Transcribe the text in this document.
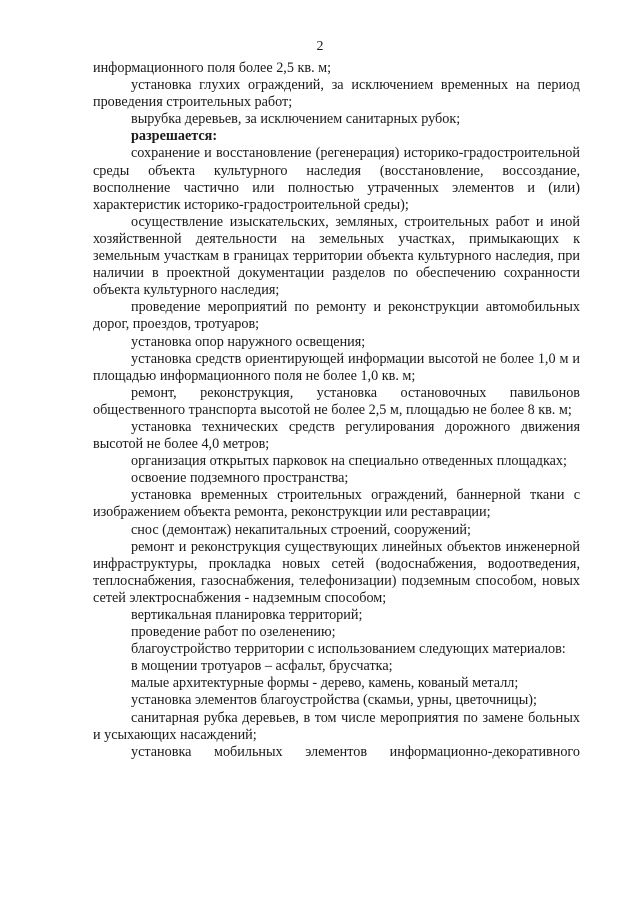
2

информационного поля более 2,5 кв. м;

установка глухих ограждений, за исключением временных на период проведения строительных работ;

вырубка деревьев, за исключением санитарных рубок;

разрешается:

сохранение и восстановление (регенерация) историко-градостроительной среды объекта культурного наследия (восстановление, воссоздание, восполнение частично или полностью утраченных элементов и (или) характеристик историко-градостроительной среды);

осуществление изыскательских, земляных, строительных работ и иной хозяйственной деятельности на земельных участках, примыкающих к земельным участкам в границах территории объекта культурного наследия, при наличии в проектной документации разделов по обеспечению сохранности объекта культурного наследия;

проведение мероприятий по ремонту и реконструкции автомобильных дорог, проездов, тротуаров;

установка опор наружного освещения;

установка средств ориентирующей информации высотой не более 1,0 м и площадью информационного поля не более 1,0 кв. м;

ремонт, реконструкция, установка остановочных павильонов общественного транспорта высотой не более 2,5 м, площадью не более 8 кв. м;

установка технических средств регулирования дорожного движения высотой не более 4,0 метров;

организация открытых парковок на специально отведенных площадках;

освоение подземного пространства;

установка временных строительных ограждений, баннерной ткани с изображением объекта ремонта, реконструкции или реставрации;

снос (демонтаж) некапитальных строений, сооружений;

ремонт и реконструкция существующих линейных объектов инженерной инфраструктуры, прокладка новых сетей (водоснабжения, водоотведения, теплоснабжения, газоснабжения, телефонизации) подземным способом, новых сетей электроснабжения - надземным способом;

вертикальная планировка территорий;

проведение работ по озеленению;

благоустройство территории с использованием следующих материалов:

в мощении тротуаров – асфальт, брусчатка;

малые архитектурные формы - дерево, камень, кованый металл;

установка элементов благоустройства (скамьи, урны, цветочницы);

санитарная рубка деревьев, в том числе мероприятия по замене больных и усыхающих насаждений;

установка мобильных элементов информационно-декоративного
